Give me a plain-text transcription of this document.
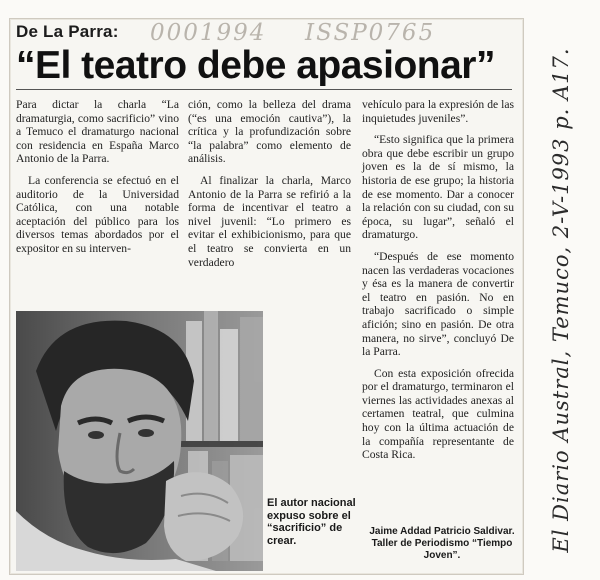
De La Parra: 0001994 ISSP0765
“El teatro debe apasionar”

Para dictar la charla “La dramaturgia, como sacrificio” vino a Temuco el dramaturgo nacional con residencia en España Marco Antonio de la Parra.

La conferencia se efectuó en el auditorio de la Universidad Católica, con una notable aceptación del público para los diversos temas abordados por el expositor en su interven-

ción, como la belleza del drama (“es una emoción cautiva”), la crítica y la profundización sobre “la palabra” como elemento de análisis.

Al finalizar la charla, Marco Antonio de la Parra se refirió a la forma de incentivar el teatro a nivel juvenil: “Lo primero es evitar el exhibicionismo, para que el teatro se convierta en un verdadero

vehículo para la expresión de las inquietudes juveniles”.

“Esto significa que la primera obra que debe escribir un grupo joven es la de sí mismo, la historia de ese grupo; la historia de ese momento. Dar a conocer la relación con su ciudad, con su época, su lugar”, señaló el dramaturgo.

“Después de ese momento nacen las verdaderas vocaciones y ésa es la manera de convertir el teatro en pasión. No en trabajo sacrificado o simple afición; sino en pasión. De otra manera, no sirve”, concluyó De la Parra.

Con esta exposición ofrecida por el dramaturgo, terminaron el viernes las actividades anexas al certamen teatral, que culmina hoy con la última actuación de la compañía representante de Costa Rica.

El autor nacional expuso sobre el “sacrificio” de crear.
Jaime Addad Patricio Saldivar. Taller de Periodismo “Tiempo Joven”.
El Diario Austral, Temuco, 2-V-1993 p. A17.
